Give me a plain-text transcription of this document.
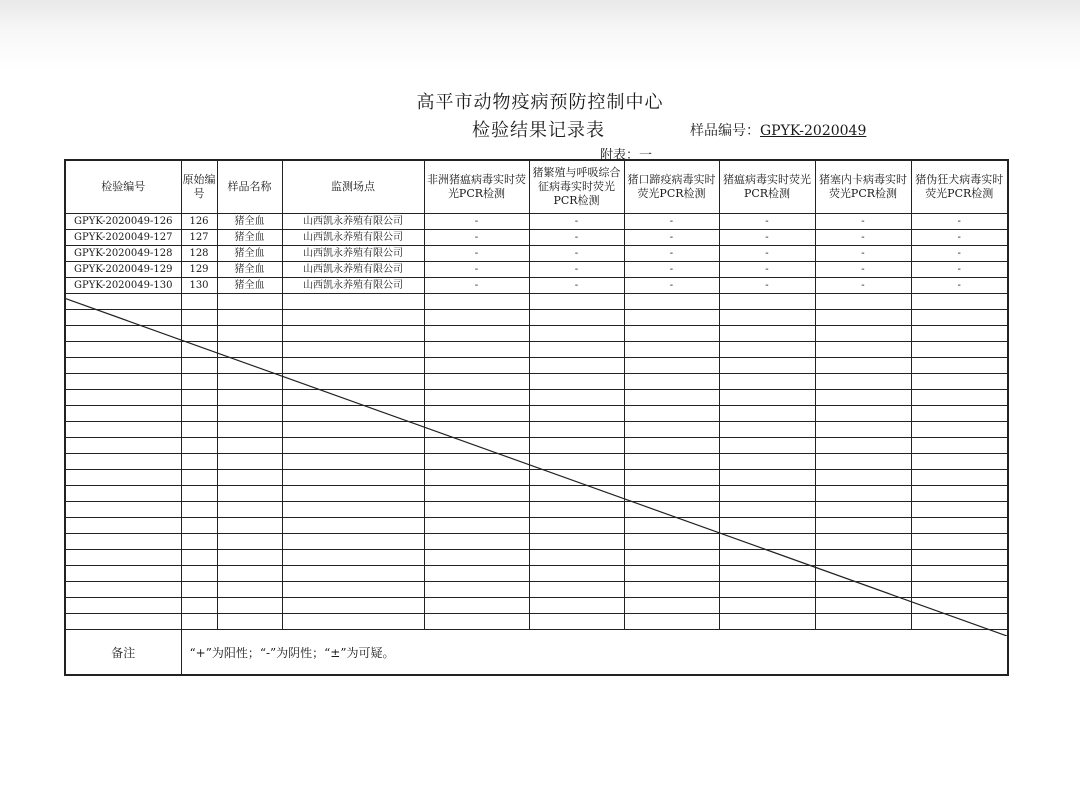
高平市动物疫病预防控制中心
检验结果记录表	样品编号：GPYK-2020049
附表：一
检验编号	原始编号	样品名称	监测场点	非洲猪瘟病毒实时荧光PCR检测	猪繁殖与呼吸综合征病毒实时荧光PCR检测	猪口蹄疫病毒实时荧光PCR检测	猪瘟病毒实时荧光PCR检测	猪塞内卡病毒实时荧光PCR检测	猪伪狂犬病毒实时荧光PCR检测
GPYK-2020049-126	126	猪全血	山西凯永养殖有限公司	-	-	-	-	-	-
GPYK-2020049-127	127	猪全血	山西凯永养殖有限公司	-	-	-	-	-	-
GPYK-2020049-128	128	猪全血	山西凯永养殖有限公司	-	-	-	-	-	-
GPYK-2020049-129	129	猪全血	山西凯永养殖有限公司	-	-	-	-	-	-
GPYK-2020049-130	130	猪全血	山西凯永养殖有限公司	-	-	-	-	-	-

备注	“+”为阳性；“-”为阴性；“±”为可疑。								
